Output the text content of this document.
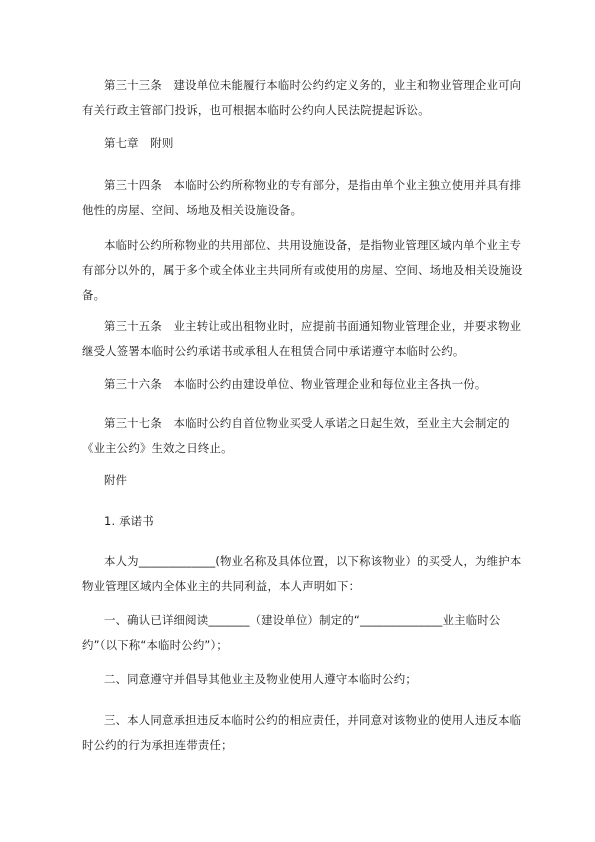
第三十三条　建设单位未能履行本临时公约约定义务的，业主和物业管理企业可向有关行政主管部门投诉，也可根据本临时公约向人民法院提起诉讼。

第七章　附则

第三十四条　本临时公约所称物业的专有部分，是指由单个业主独立使用并具有排他性的房屋、空间、场地及相关设施设备。

本临时公约所称物业的共用部位、共用设施设备，是指物业管理区域内单个业主专有部分以外的，属于多个或全体业主共同所有或使用的房屋、空间、场地及相关设施设备。

第三十五条　业主转让或出租物业时，应提前书面通知物业管理企业，并要求物业继受人签署本临时公约承诺书或承租人在租赁合同中承诺遵守本临时公约。

第三十六条　本临时公约由建设单位、物业管理企业和每位业主各执一份。

第三十七条　本临时公约自首位物业买受人承诺之日起生效，至业主大会制定的《业主公约》生效之日终止。

附件

1. 承诺书

本人为_____________(物业名称及具体位置，以下称该物业）的买受人，为维护本物业管理区域内全体业主的共同利益，本人声明如下：

一、确认已详细阅读_______（建设单位）制定的“______________业主临时公约”（以下称“本临时公约”）；

二、同意遵守并倡导其他业主及物业使用人遵守本临时公约；

三、本人同意承担违反本临时公约的相应责任，并同意对该物业的使用人违反本临时公约的行为承担连带责任；
